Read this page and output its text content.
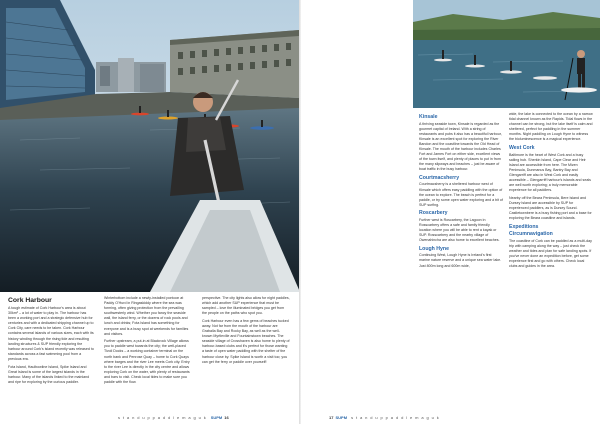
Cork Harbour

A tough estimate of Cork Harbour's area is about 30km² – a lot of water to play in. The harbour has been a working port and a strategic defensive hub for centuries and with a dedicated shipping channel up to Cork City, care needs to be taken. Cork Harbour contains several islands of various sizes, each with its history winding through the rising tide and resulting landing structures & SUP friendly exploring the harbour around Cork’s island recently was released to standards across a fast swimming pool from a previous era.

Fota Island, Haulbowline Island, Spike Island and Great Island is some of the largest islands in the harbour. Many of the islands linked to the mainland and ripe for exploring by the curious paddler.

Winterbottom include a newly-installed pontoon at Paddy O'Hurd in Ringaskiddy where the sea was forming, often giving protection from the prevailing southwesterly wind. Whether you fancy the seaside wall, the island ferry, or the dozens of rock pools and lunch and drinks; Fota Island has something for everyone and is a busy spot at weekends for families and visitors.

Further upstream, a put-in at Blackrock Village allows you to paddle west towards the city; the well-placed Tivoli Docks – a working container terminal on the north bank and Penrose Quay – home to Cork Quays where barges and the river Lee meets Cork city. Entry to the river Lee is directly in the city centre and allows exploring Cork on the water, with plenty of restaurants and bars to visit. Check local tides to make sure you paddle with the flow.

perspective. The city lights also allow for night paddles, which add another SUP experience that must be sampled – love the illuminated bridges you get from the people on the paths who spot you.

Cork Harbour even has a few gems of beaches tucked away. Not far from the mouth of the harbour are Graballa Bay and Rocky Bay, as well as the well-known Myrtleville and Fountainstown beaches. The seaside village of Crosshaven is also home to plenty of harbour-based clubs and it's perfect for those wanting a taste of open water paddling with the shelter of the harbour close by. Spike Island is worth a visit too; you can get the ferry or paddle over yourself!

s t a n d u p p a d d l e m a g u k SUPM 16
Kinsale

A thriving seaside town, Kinsale is regarded as the gourmet capital of Ireland. With a string of restaurants and pubs it also has a beautiful harbour, Kinsale is an excellent spot for exploring the River Bandon and the coastline towards the Old Head of Kinsale. The mouth of the harbour includes Charles Fort and James Fort on either side, excellent views of the town itself, and plenty of places to put in from the many slipways and beaches – just be aware of boat traffic in the busy harbour.

Courtmacsherry

Courtmacsherry is a sheltered harbour west of Kinsale which offers easy paddling with the option of the ocean to explore. The beach is perfect for a paddle, or try some open water exploring and a bit of SUP surfing.

Roscarbery

Further west is Roscarbery, the Lagoon in Rosscarbery offers a safe and family friendly location where you will be able to rent a kayak or SUP. Rosscarbery and the nearby village of Owenahincha are also home to excellent beaches.

Lough Hyne

Continuing West, Lough Hyne is Ireland's first marine nature reserve and a unique sea water lake. Just 800m long and 600m wide,

wide, the lake is connected to the ocean by a narrow tidal channel known as the Rapids. Tidal flows in the channel can be strong, but the lake itself is calm and sheltered, perfect for paddling in the summer months. Night paddling on Lough Hyne to witness the bioluminescence is a magical experience.

West Cork

Baltimore is the heart of West Cork and a busy sailing hub. Sherkin Island, Cape Clear and Heir Island are accessible from here. The Mizen Peninsula, Dunmanus Bay, Bantry Bay and Glengarriff are also in West Cork and easily accessible – Glengarriff harbour's islands and seals are well worth exploring; a truly memorable experience for all paddlers.

Nearby off the Beara Peninsula, Bere Island and Dursey Island are accessible by SUP for experienced paddlers, as is Dursey Sound. Castletownbere is a busy fishing port and a base for exploring the Beara coastline and islands.

Expeditions
Circumnavigation

The coastline of Cork can be paddled as a multi-day trip with camping along the way – just check the weather and tides and plan for safe landing spots. If you've never done an expedition before, get some experience first and go with others. Check local clubs and guides in the area.

17 SUPM s t a n d u p p a d d l e m a g u k
